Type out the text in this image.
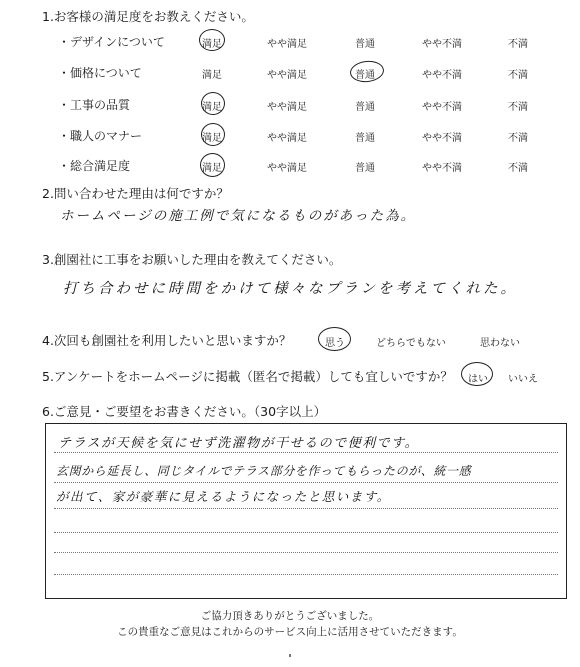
1.お客様の満足度をお教えください。
・デザインについて	満足	やや満足	普通	やや不満	不満
・価格について	満足	やや満足	普通	やや不満	不満
・工事の品質	満足	やや満足	普通	やや不満	不満
・職人のマナー	満足	やや満足	普通	やや不満	不満
・総合満足度	満足	やや満足	普通	やや不満	不満
2.問い合わせた理由は何ですか？
ホームページの施工例で気になるものがあった為。
3.創園社に工事をお願いした理由を教えてください。
打ち合わせに時間をかけて様々なプランを考えてくれた。
4.次回も創園社を利用したいと思いますか？	思う	どちらでもない	思わない
5.アンケートをホームページに掲載（匿名で掲載）しても宜しいですか？ はい いいえ
6.ご意見・ご要望をお書きください。（30字以上）
テラスが天候を気にせず洗濯物が干せるので便利です。
玄関から延長し、同じタイルでテラス部分を作ってもらったのが、統一感
が出て、家が豪華に見えるようになったと思います。
ご協力頂きありがとうございました。
この貴重なご意見はこれからのサービス向上に活用させていただきます。
